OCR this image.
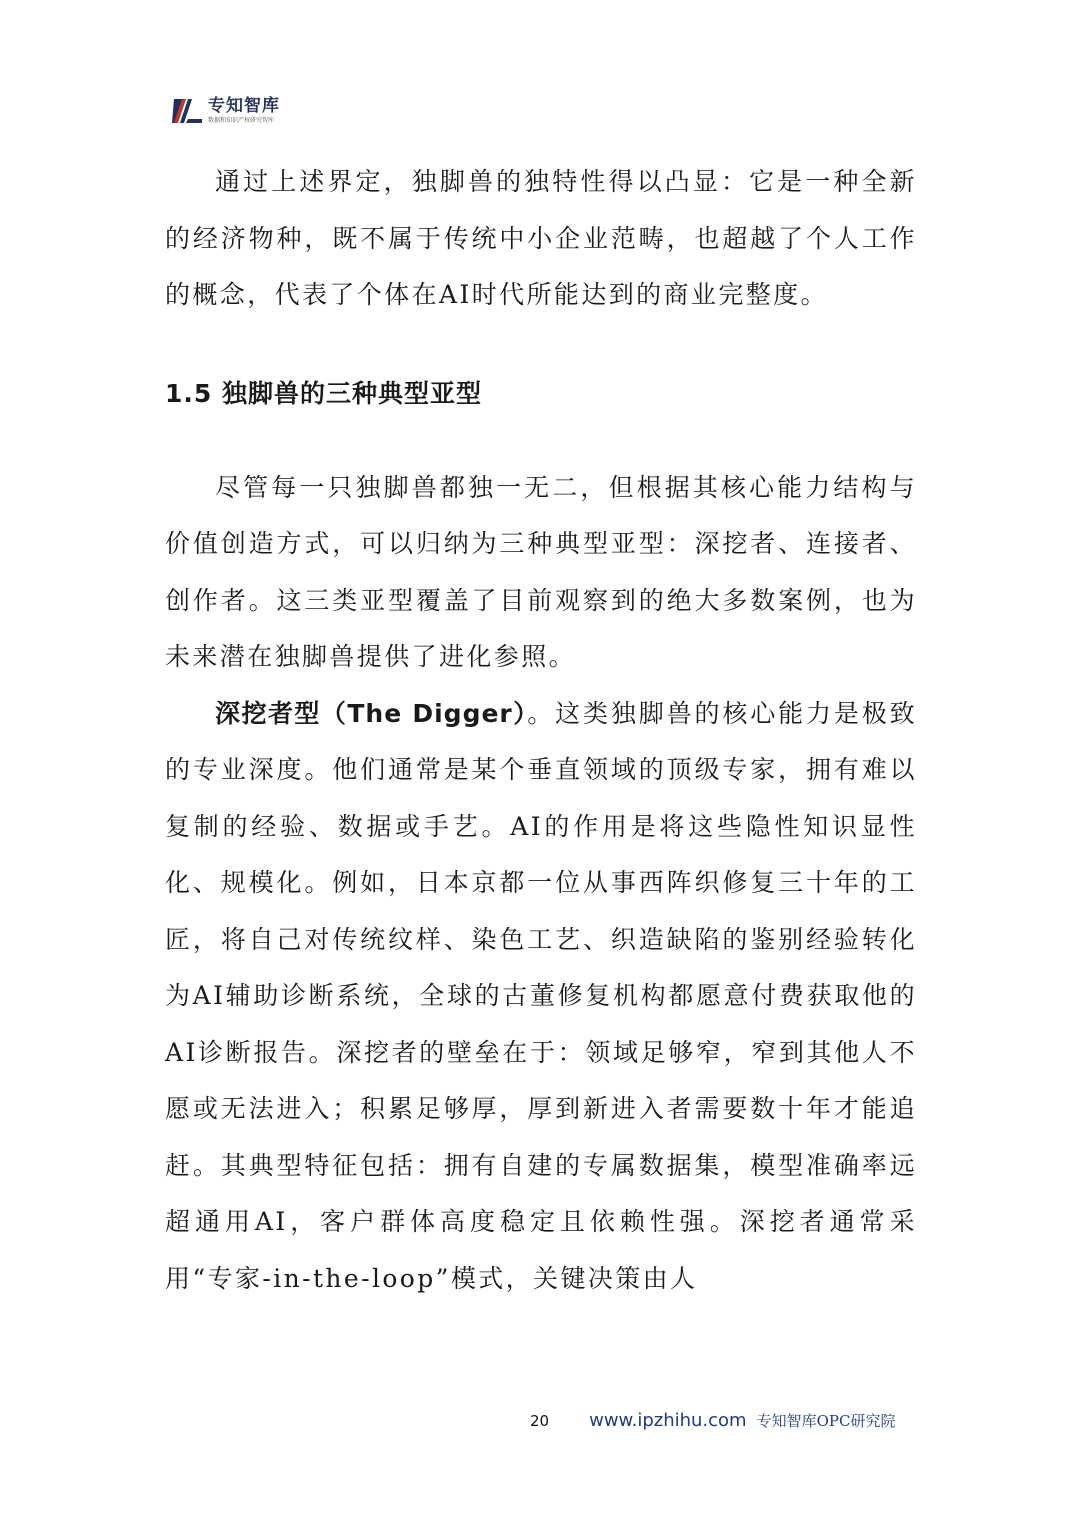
专知智库
数据和知识产权研究智库

通过上述界定，独脚兽的独特性得以凸显：它是一种全新的经济物种，既不属于传统中小企业范畴，也超越了个人工作的概念，代表了个体在AI时代所能达到的商业完整度。

1.5 独脚兽的三种典型亚型

尽管每一只独脚兽都独一无二，但根据其核心能力结构与价值创造方式，可以归纳为三种典型亚型：深挖者、连接者、创作者。这三类亚型覆盖了目前观察到的绝大多数案例，也为未来潜在独脚兽提供了进化参照。

深挖者型（The Digger）。这类独脚兽的核心能力是极致的专业深度。他们通常是某个垂直领域的顶级专家，拥有难以复制的经验、数据或手艺。AI的作用是将这些隐性知识显性化、规模化。例如，日本京都一位从事西阵织修复三十年的工匠，将自己对传统纹样、染色工艺、织造缺陷的鉴别经验转化为AI辅助诊断系统，全球的古董修复机构都愿意付费获取他的AI诊断报告。深挖者的壁垒在于：领域足够窄，窄到其他人不愿或无法进入；积累足够厚，厚到新进入者需要数十年才能追赶。其典型特征包括：拥有自建的专属数据集，模型准确率远超通用AI，客户群体高度稳定且依赖性强。深挖者通常采用“专家-in-the-loop”模式，关键决策由人

20 www.ipzhihu.com 专知智库OPC研究院
